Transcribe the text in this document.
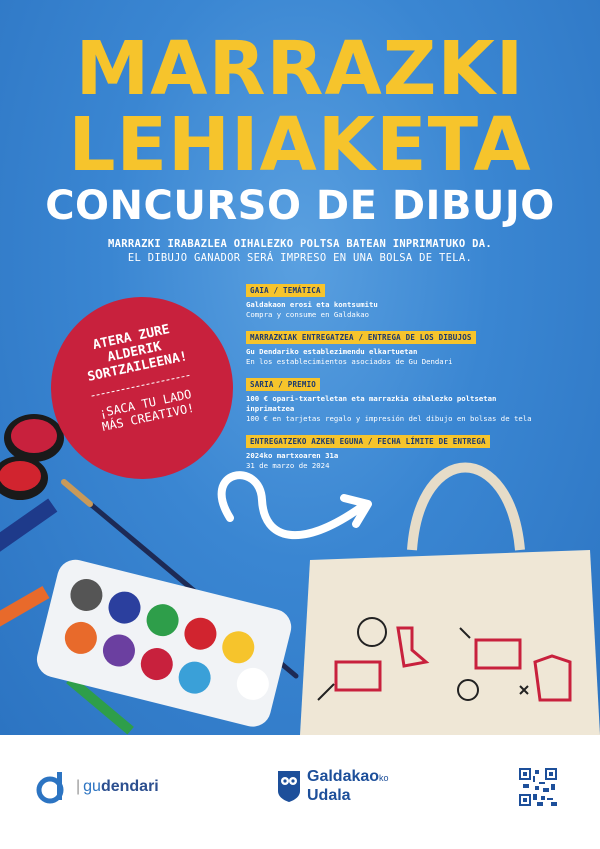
MARRAZKI
LEHIAKETA
CONCURSO DE DIBUJO
MARRAZKI IRABAZLEA OIHALEZKO POLTSA BATEAN INPRIMATUKO DA.
EL DIBUJO GANADOR SERÁ IMPRESO EN UNA BOLSA DE TELA.
ATERA ZURE
ALDERIK
SORTZAILEENA!
¡SACA TU LADO
MÁS CREATIVO!
GAIA / TEMÁTICA
Galdakaon erosi eta kontsumitu
Compra y consume en Galdakao
MARRAZKIAK ENTREGATZEA / ENTREGA DE LOS DIBUJOS
Gu Dendariko establezimendu elkartuetan
En los establecimientos asociados de Gu Dendari
SARIA / PREMIO
100 € opari-txarteletan eta marrazkia oihalezko poltsetan inprimatzea
100 € en tarjetas regalo y impresión del dibujo en bolsas de tela
ENTREGATZEKO AZKEN EGUNA / FECHA LÍMITE DE ENTREGA
2024ko martxoaren 31a
31 de marzo de 2024
| gudendari
Galdakaoko
Udala
